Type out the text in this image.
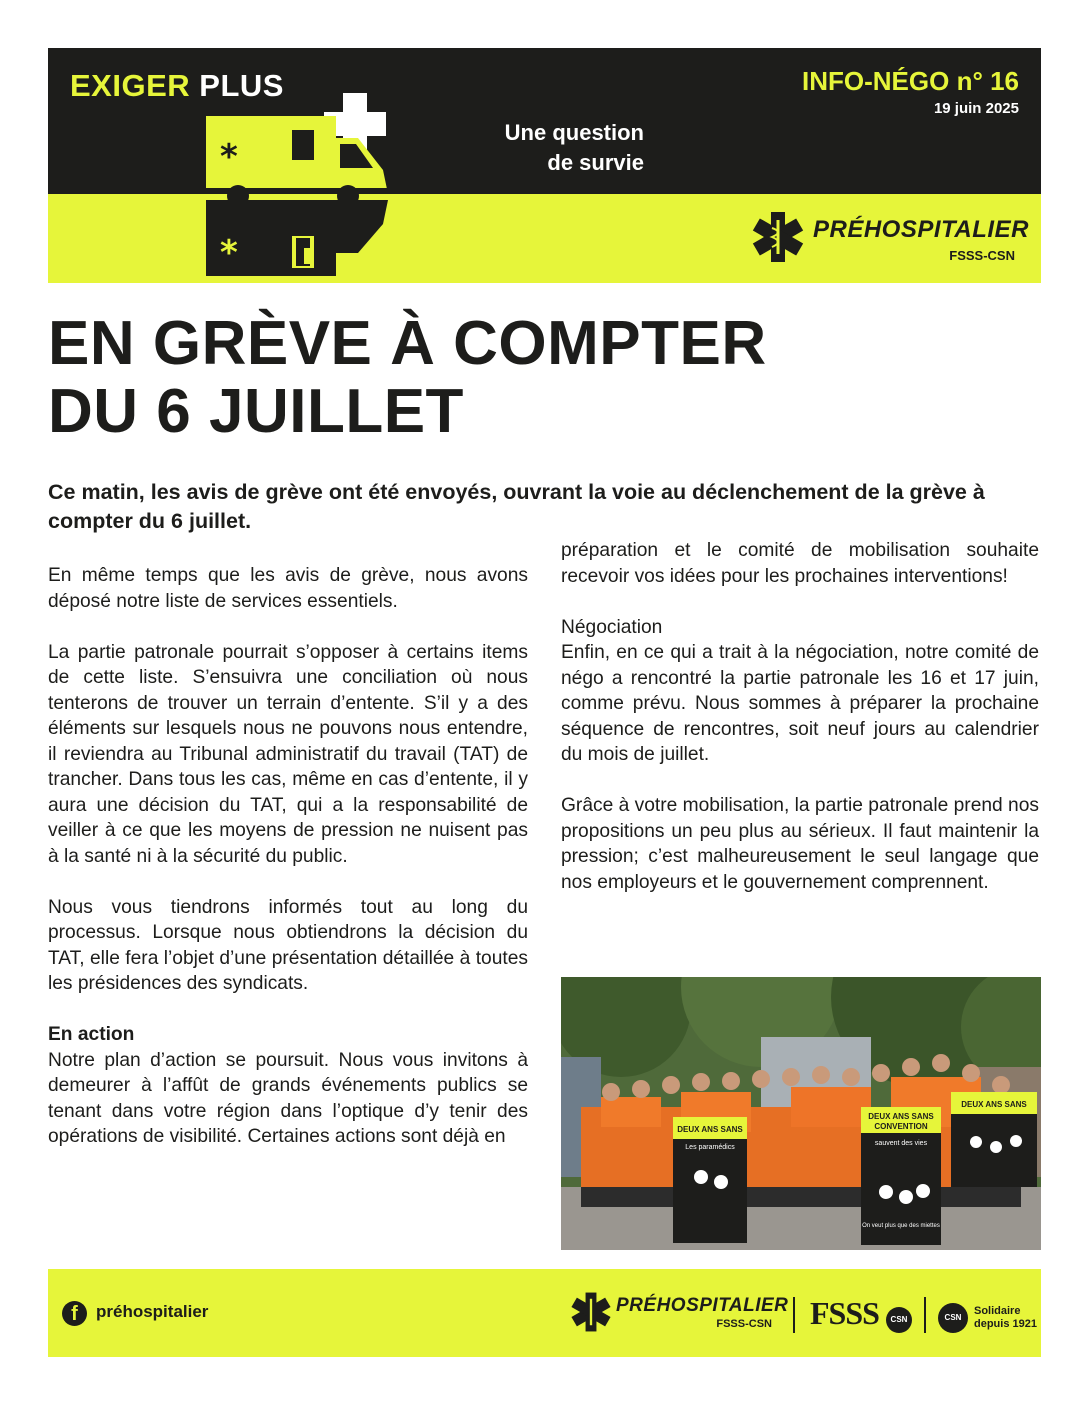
EXIGER PLUS
*
*
Une question
de survie
INFO-NÉGO n° 16
19 juin 2025
PRÉHOSPITALIER
FSSS-CSN
EN GRÈVE À COMPTER
DU 6 JUILLET

Ce matin, les avis de grève ont été envoyés, ouvrant la voie au déclenchement de la grève à compter du 6 juillet.

En même temps que les avis de grève, nous avons déposé notre liste de services essentiels.

La partie patronale pourrait s’opposer à certains items de cette liste. S’ensuivra une conciliation où nous tenterons de trouver un terrain d’entente. S’il y a des éléments sur lesquels nous ne pouvons nous entendre, il reviendra au Tribunal administratif du travail (TAT) de trancher. Dans tous les cas, même en cas d’entente, il y aura une décision du TAT, qui a la responsabilité de veiller à ce que les moyens de pression ne nuisent pas à la santé ni à la sécurité du public.

Nous vous tiendrons informés tout au long du processus. Lorsque nous obtiendrons la décision du TAT, elle fera l’objet d’une présentation détaillée à toutes les présidences des syndicats.

En action

Notre plan d’action se poursuit. Nous vous invitons à demeurer à l’affût de grands événements publics se tenant dans votre région dans l’optique d’y tenir des opérations de visibilité. Certaines actions sont déjà en

préparation et le comité de mobilisation souhaite recevoir vos idées pour les prochaines interventions!

Négociation

Enfin, en ce qui a trait à la négociation, notre comité de négo a rencontré la partie patronale les 16 et 17 juin, comme prévu. Nous sommes à préparer la prochaine séquence de rencontres, soit neuf jours au calendrier du mois de juillet.

Grâce à votre mobilisation, la partie patronale prend nos propositions un peu plus au sérieux. Il faut maintenir la pression; c’est malheureusement le seul langage que nos employeurs et le gouvernement comprennent.

DEUX ANS SANS
Les paramédics
DEUX ANS SANS
CONVENTION
sauvent des vies
On veut plus que des miettes
DEUX ANS SANS
f	préhospitalier	PRÉHOSPITALIER
FSSS-CSN FSSS	CSN	CSN
Solidaire
depuis 1921
